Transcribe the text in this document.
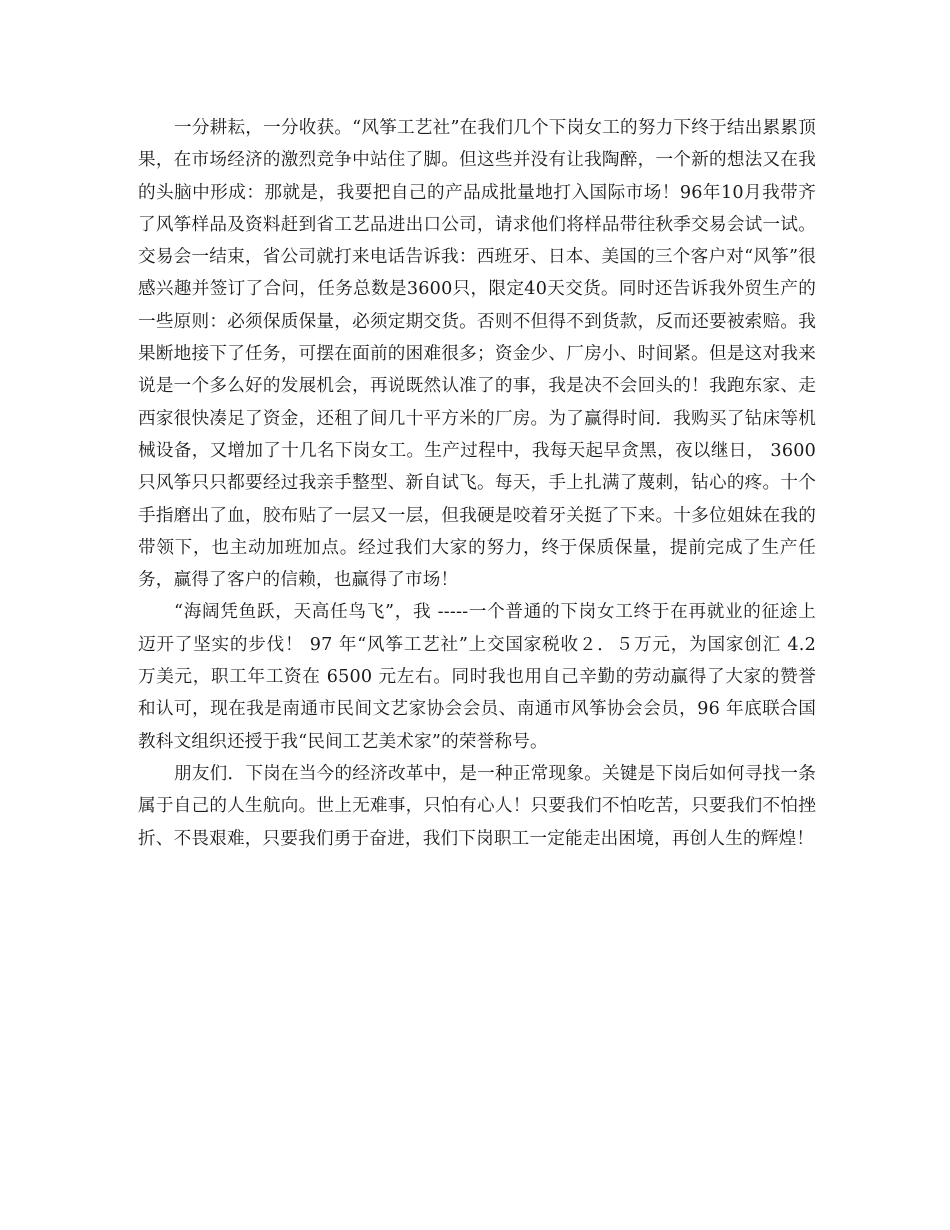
一分耕耘，一分收获。“风筝工艺社”在我们几个下岗女工的努力下终于结出累累顶果，在市场经济的激烈竞争中站住了脚。但这些并没有让我陶醉，一个新的想法又在我的头脑中形成：那就是，我要把自己的产品成批量地打入国际市场！96年10月我带齐了风筝样品及资料赶到省工艺品进出口公司，请求他们将样品带往秋季交易会试一试。交易会一结束，省公司就打来电话告诉我：西班牙、日本、美国的三个客户对“风筝”很感兴趣并签订了合问，任务总数是3600只，限定40天交货。同时还告诉我外贸生产的一些原则：必须保质保量，必须定期交货。否则不但得不到货款，反而还要被索赔。我果断地接下了任务，可摆在面前的困难很多；资金少、厂房小、时间紧。但是这对我来说是一个多么好的发展机会，再说既然认准了的事，我是决不会回头的！我跑东家、走西家很快凑足了资金，还租了间几十平方米的厂房。为了赢得时间．我购买了钻床等机械设备，又增加了十几名下岗女工。生产过程中，我每天起早贪黑，夜以继日， 3600 只风筝只只都要经过我亲手整型、新自试飞。每天，手上扎满了蔑刺，钻心的疼。十个手指磨出了血，胶布贴了一层又一层，但我硬是咬着牙关挺了下来。十多位姐妹在我的带领下，也主动加班加点。经过我们大家的努力，终于保质保量，提前完成了生产任务，赢得了客户的信赖，也赢得了市场！

“海阔凭鱼跃，天高任鸟飞”，我 -----一个普通的下岗女工终于在再就业的征途上迈开了坚实的步伐！ 97 年“风筝工艺社”上交国家税收２．５万元，为国家创汇 4.2 万美元，职工年工资在 6500 元左右。同时我也用自己辛勤的劳动赢得了大家的赞誉和认可，现在我是南通市民间文艺家协会会员、南通市风筝协会会员，96 年底联合国教科文组织还授于我“民间工艺美术家”的荣誉称号。

朋友们．下岗在当今的经济改革中，是一种正常现象。关键是下岗后如何寻找一条属于自己的人生航向。世上无难事，只怕有心人！只要我们不怕吃苦，只要我们不怕挫折、不畏艰难，只要我们勇于奋进，我们下岗职工一定能走出困境，再创人生的辉煌！
